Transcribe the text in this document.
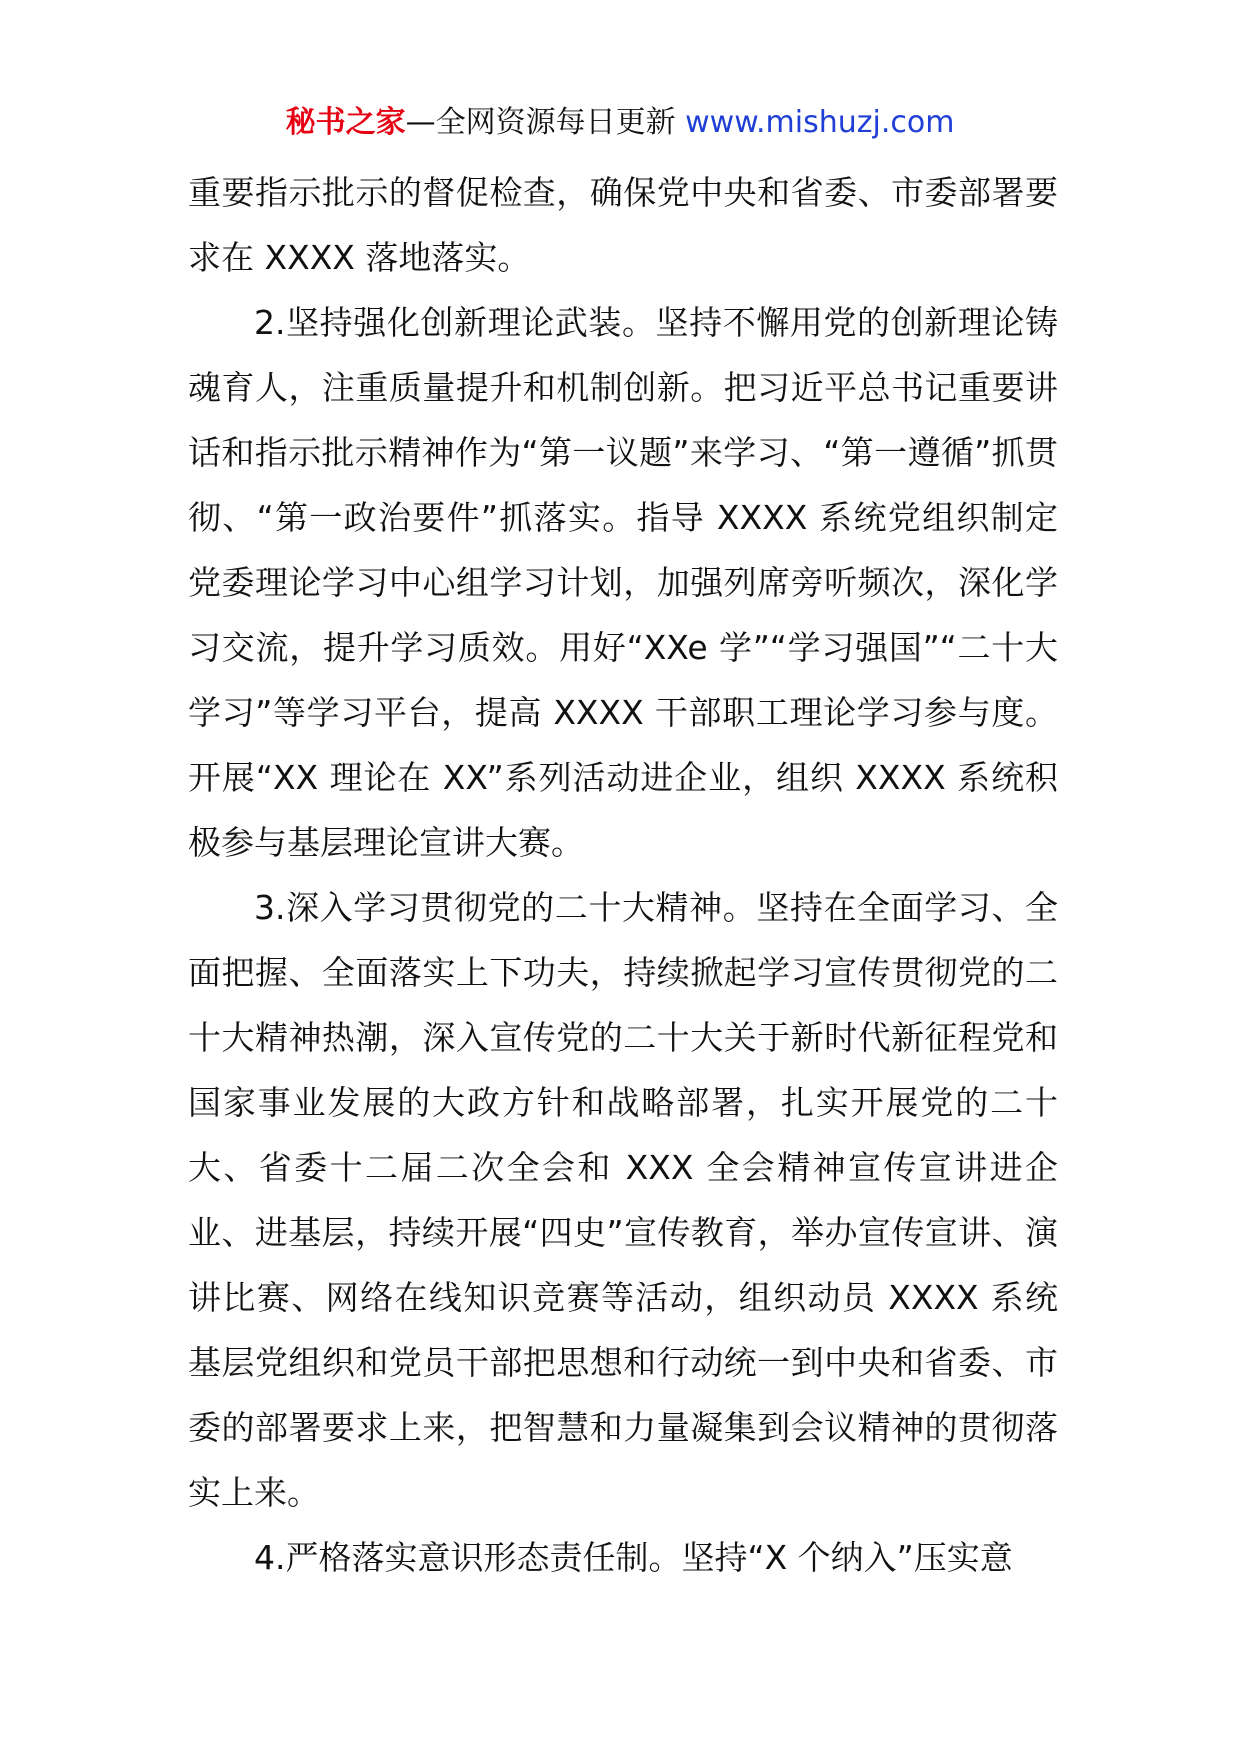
秘书之家—全网资源每日更新 www.mishuzj.com

重要指示批示的督促检查，确保党中央和省委、市委部署要求在 XXXX 落地落实。

2.坚持强化创新理论武装。坚持不懈用党的创新理论铸魂育人，注重质量提升和机制创新。把习近平总书记重要讲话和指示批示精神作为“第一议题”来学习、“第一遵循”抓贯彻、“第一政治要件”抓落实。指导 XXXX 系统党组织制定党委理论学习中心组学习计划，加强列席旁听频次，深化学习交流，提升学习质效。用好“XXe 学”“学习强国”“二十大学习”等学习平台，提高 XXXX 干部职工理论学习参与度。开展“XX 理论在 XX”系列活动进企业，组织 XXXX 系统积极参与基层理论宣讲大赛。

3.深入学习贯彻党的二十大精神。坚持在全面学习、全面把握、全面落实上下功夫，持续掀起学习宣传贯彻党的二十大精神热潮，深入宣传党的二十大关于新时代新征程党和国家事业发展的大政方针和战略部署，扎实开展党的二十大、省委十二届二次全会和 XXX 全会精神宣传宣讲进企业、进基层，持续开展“四史”宣传教育，举办宣传宣讲、演讲比赛、网络在线知识竞赛等活动，组织动员 XXXX 系统基层党组织和党员干部把思想和行动统一到中央和省委、市委的部署要求上来，把智慧和力量凝集到会议精神的贯彻落实上来。

4.严格落实意识形态责任制。坚持“X 个纳入”压实意
